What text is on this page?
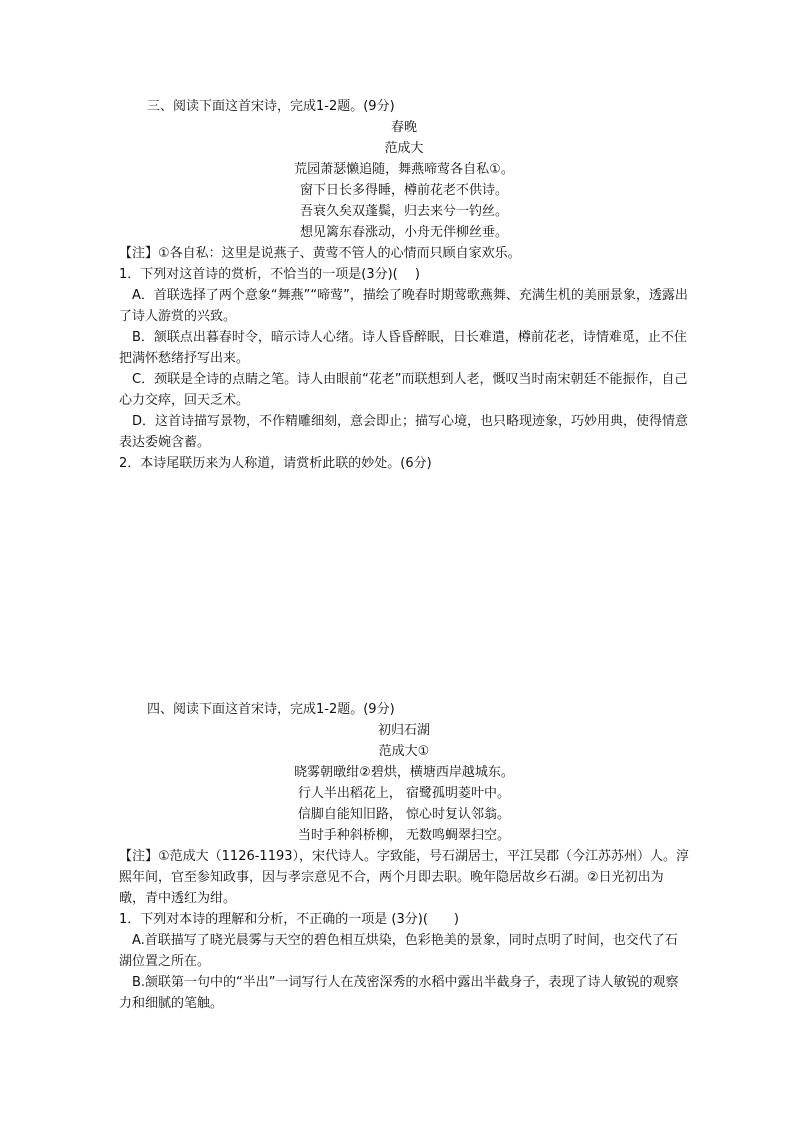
三、阅读下面这首宋诗，完成1-2题。(9分)

春晚

范成大

荒园萧瑟懒追随，舞燕啼莺各自私①。

窗下日长多得睡，樽前花老不供诗。

吾衰久矣双蓬鬓，归去来兮一钓丝。

想见篱东春涨动，小舟无伴柳丝垂。

【注】①各自私：这里是说燕子、黄莺不管人的心情而只顾自家欢乐。

1．下列对这首诗的赏析，不恰当的一项是(3分)(　 )

A．首联选择了两个意象“舞燕”“啼莺”，描绘了晚春时期莺歌燕舞、充满生机的美丽景象，透露出了诗人游赏的兴致。

B．颔联点出暮春时令，暗示诗人心绪。诗人昏昏醉眠，日长难遣，樽前花老，诗情难觅，止不住把满怀愁绪抒写出来。

C．颈联是全诗的点睛之笔。诗人由眼前“花老”而联想到人老，慨叹当时南宋朝廷不能振作，自己心力交瘁，回天乏术。

D．这首诗描写景物，不作精雕细刻，意会即止；描写心境，也只略现迹象，巧妙用典，使得情意表达委婉含蓄。

2．本诗尾联历来为人称道，请赏析此联的妙处。(6分)

四、阅读下面这首宋诗，完成1-2题。(9分)

初归石湖

范成大①

晓雾朝暾绀②碧烘，横塘西岸越城东。

行人半出稻花上， 宿鹭孤明菱叶中。

信脚自能知旧路， 惊心时复认邻翁。

当时手种斜桥柳， 无数鸣蜩翠扫空。

【注】①范成大（1126-1193），宋代诗人。字致能，号石湖居士，平江吴郡（今江苏苏州）人。淳熙年间，官至参知政事，因与孝宗意见不合，两个月即去职。晚年隐居故乡石湖。②日光初出为暾，青中透红为绀。

1．下列对本诗的理解和分析，不正确的一项是 (3分)(　　)

A.首联描写了晓光晨雾与天空的碧色相互烘染，色彩艳美的景象，同时点明了时间，也交代了石湖位置之所在。

B.颔联第一句中的“半出”一词写行人在茂密深秀的水稻中露出半截身子，表现了诗人敏锐的观察力和细腻的笔触。
